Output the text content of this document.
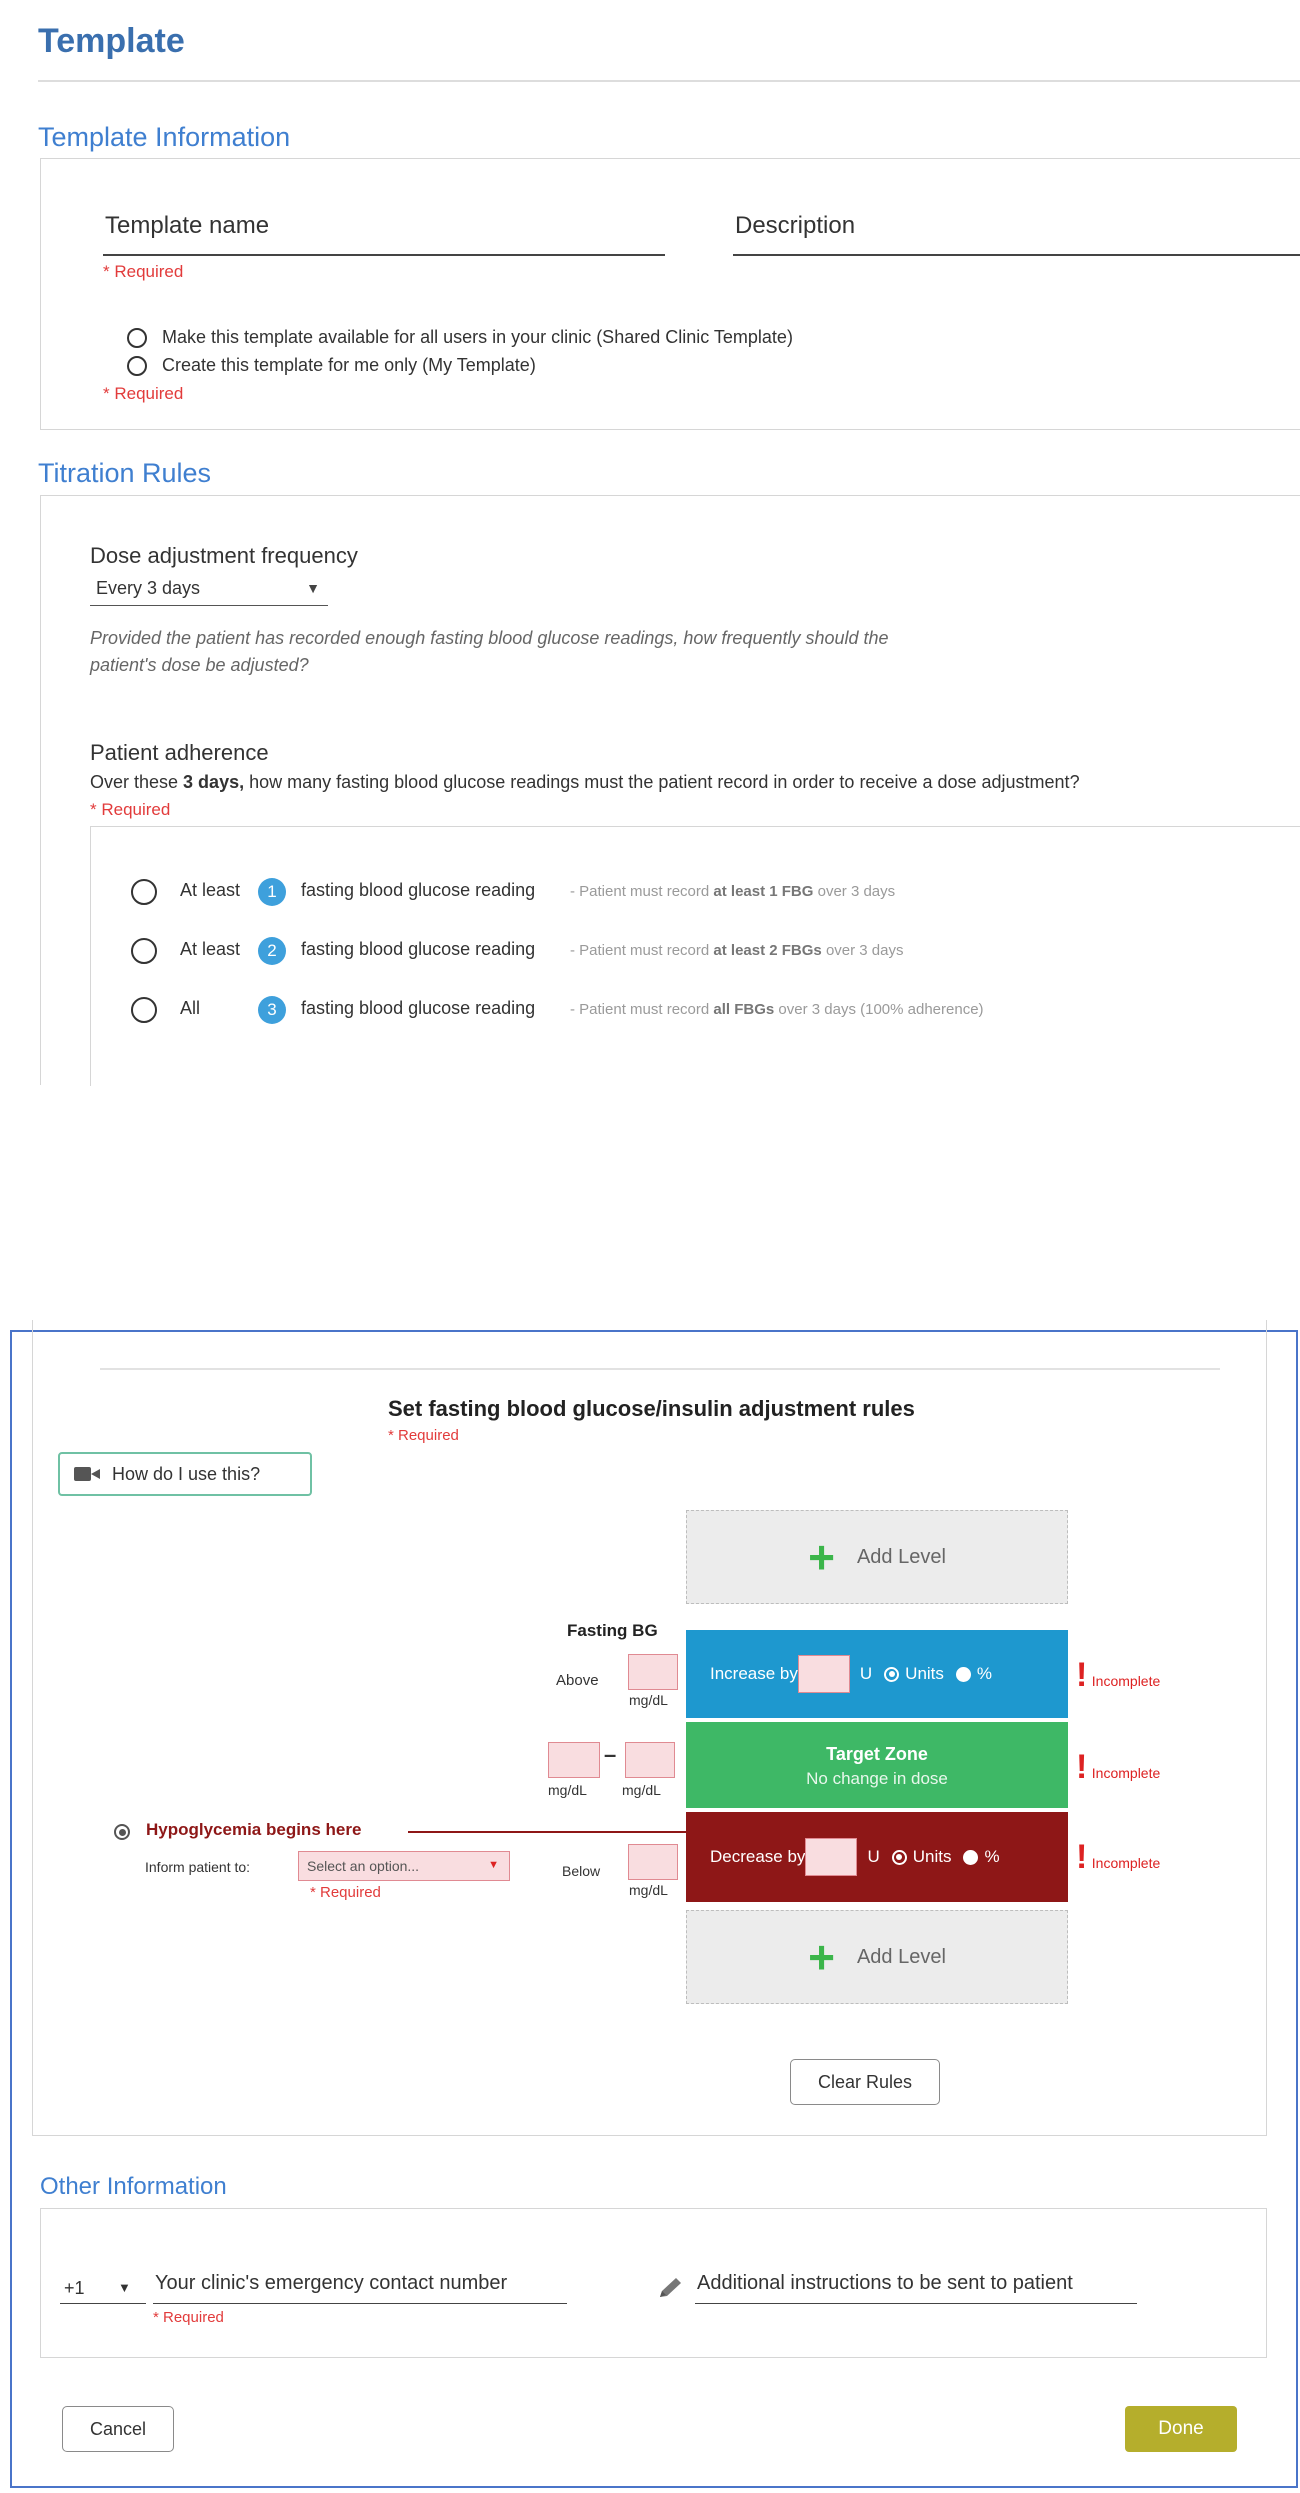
Template
Template Information
Template name
* Required
Description
Make this template available for all users in your clinic (Shared Clinic Template)
Create this template for me only (My Template)
* Required
Titration Rules
Dose adjustment frequency
Every 3 days	▼
Provided the patient has recorded enough fasting blood glucose readings, how frequently should the
patient's dose be adjusted?
Patient adherence
Over these 3 days, how many fasting blood glucose readings must the patient record in order to receive a dose adjustment?
* Required
At least	1	fasting blood glucose reading - Patient must record at least 1 FBG over 3 days
At least	2	fasting blood glucose reading - Patient must record at least 2 FBGs over 3 days
All	3	fasting blood glucose reading - Patient must record all FBGs over 3 days (100% adherence)
Set fasting blood glucose/insulin adjustment rules
* Required
How do I use this?
+ Add Level
Fasting BG
Above
mg/dL
Increase by	U Units % ! Incomplete
–
mg/dL	mg/dL
Target Zone
No change in dose	! Incomplete
Hypoglycemia begins here
Inform patient to:	Select an option...	▼
* Required
Below
mg/dL
Decrease by	U Units % ! Incomplete
+ Add Level
Clear Rules
Other Information
+1	▼ Your clinic's emergency contact number
* Required
Additional instructions to be sent to patient
Cancel	Done
